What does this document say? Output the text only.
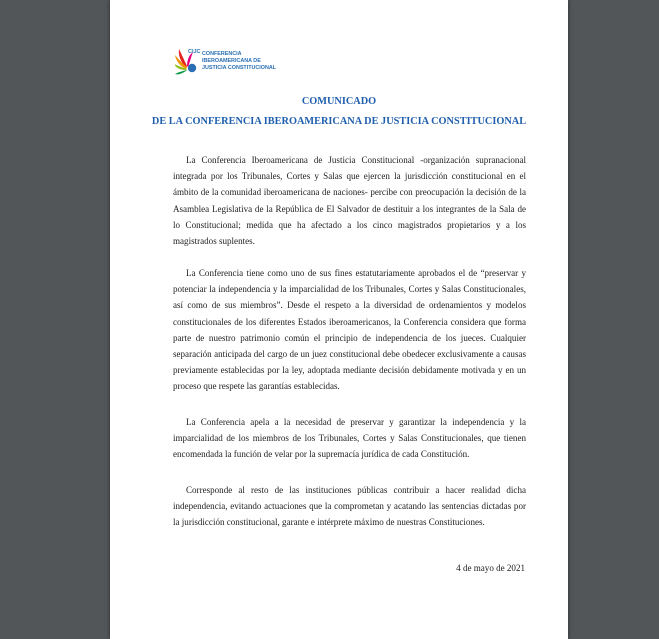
CIJC CONFERENCIA
IBEROAMERICANA DE
JUSTICIA CONSTITUCIONAL
COMUNICADO
DE LA CONFERENCIA IBEROAMERICANA DE JUSTICIA CONSTITUCIONAL

La Conferencia Iberoamericana de Justicia Constitucional -organización supranacional integrada por los Tribunales, Cortes y Salas que ejercen la jurisdicción constitucional en el ámbito de la comunidad iberoamericana de naciones- percibe con preocupación la decisión de la Asamblea Legislativa de la República de El Salvador de destituir a los integrantes de la Sala de lo Constitucional; medida que ha afectado a los cinco magistrados propietarios y a los magistrados suplentes.

La Conferencia tiene como uno de sus fines estatutariamente aprobados el de “preservar y potenciar la independencia y la imparcialidad de los Tribunales, Cortes y Salas Constitucionales, así como de sus miembros”. Desde el respeto a la diversidad de ordenamientos y modelos constitucionales de los diferentes Estados iberoamericanos, la Conferencia considera que forma parte de nuestro patrimonio común el principio de independencia de los jueces. Cualquier separación anticipada del cargo de un juez constitucional debe obedecer exclusivamente a causas previamente establecidas por la ley, adoptada mediante decisión debidamente motivada y en un proceso que respete las garantías establecidas.

La Conferencia apela a la necesidad de preservar y garantizar la independencia y la imparcialidad de los miembros de los Tribunales, Cortes y Salas Constitucionales, que tienen encomendada la función de velar por la supremacía jurídica de cada Constitución.

Corresponde al resto de las instituciones públicas contribuir a hacer realidad dicha independencia, evitando actuaciones que la comprometan y acatando las sentencias dictadas por la jurisdicción constitucional, garante e intérprete máximo de nuestras Constituciones.

4 de mayo de 2021
